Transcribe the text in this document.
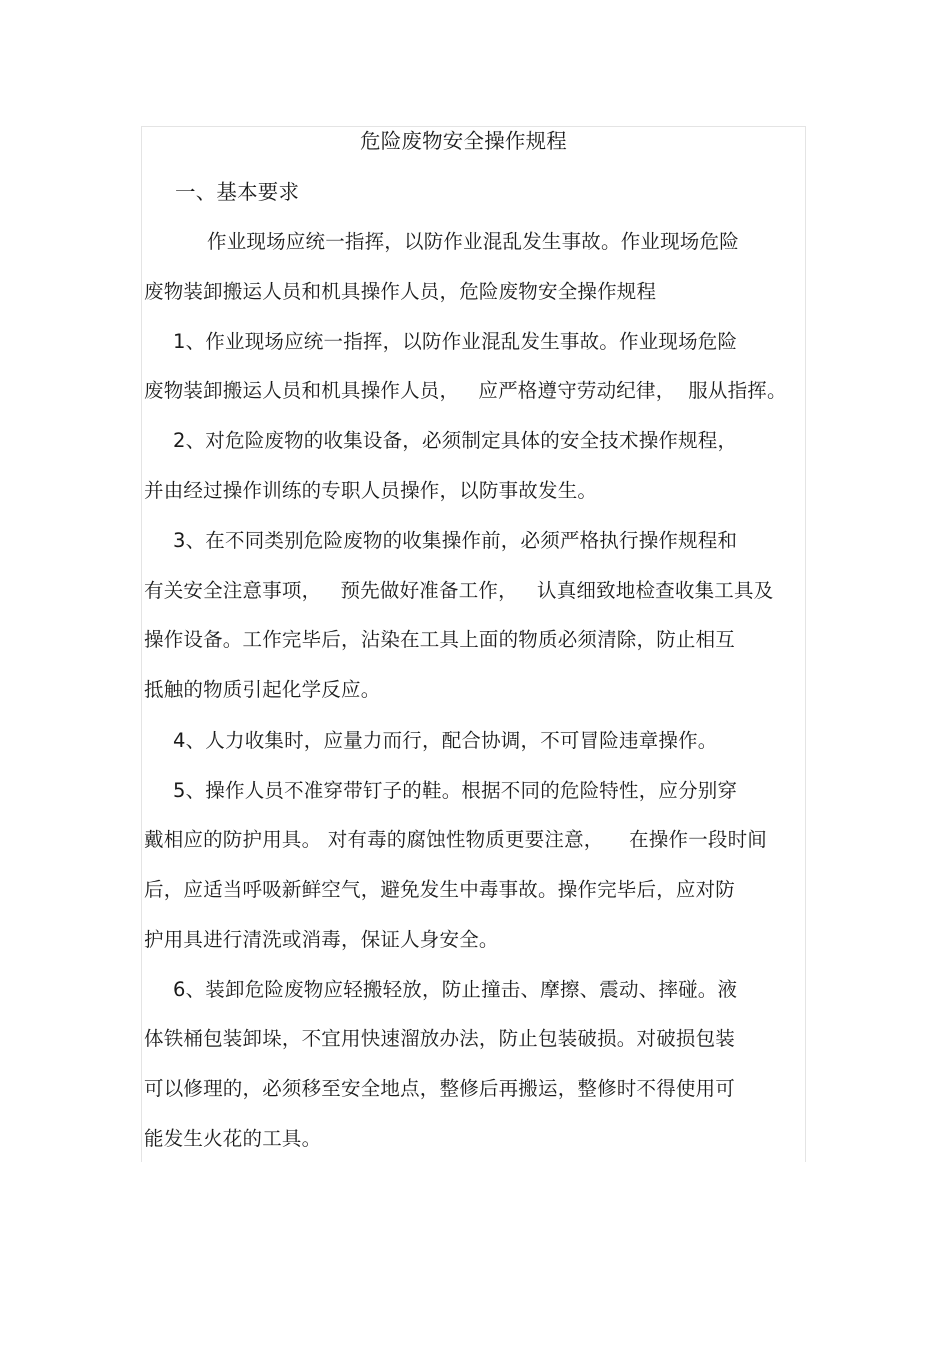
危险废物安全操作规程
一、基本要求
作业现场应统一指挥，以防作业混乱发生事故。作业现场危险
废物装卸搬运人员和机具操作人员，危险废物安全操作规程
1、作业现场应统一指挥，以防作业混乱发生事故。作业现场危险
废物装卸搬运人员和机具操作人员，   应严格遵守劳动纪律，  服从指挥。
2、对危险废物的收集设备，必须制定具体的安全技术操作规程，
并由经过操作训练的专职人员操作，以防事故发生。
3、在不同类别危险废物的收集操作前，必须严格执行操作规程和
有关安全注意事项，   预先做好准备工作，   认真细致地检查收集工具及
操作设备。工作完毕后，沾染在工具上面的物质必须清除，防止相互
抵触的物质引起化学反应。
4、人力收集时，应量力而行，配合协调，不可冒险违章操作。
5、操作人员不准穿带钉子的鞋。根据不同的危险特性，应分别穿
戴相应的防护用具。 对有毒的腐蚀性物质更要注意，    在操作一段时间
后，应适当呼吸新鲜空气，避免发生中毒事故。操作完毕后，应对防
护用具进行清洗或消毒，保证人身安全。
6、装卸危险废物应轻搬轻放，防止撞击、摩擦、震动、摔碰。液
体铁桶包装卸垛，不宜用快速溜放办法，防止包装破损。对破损包装
可以修理的，必须移至安全地点，整修后再搬运，整修时不得使用可
能发生火花的工具。
